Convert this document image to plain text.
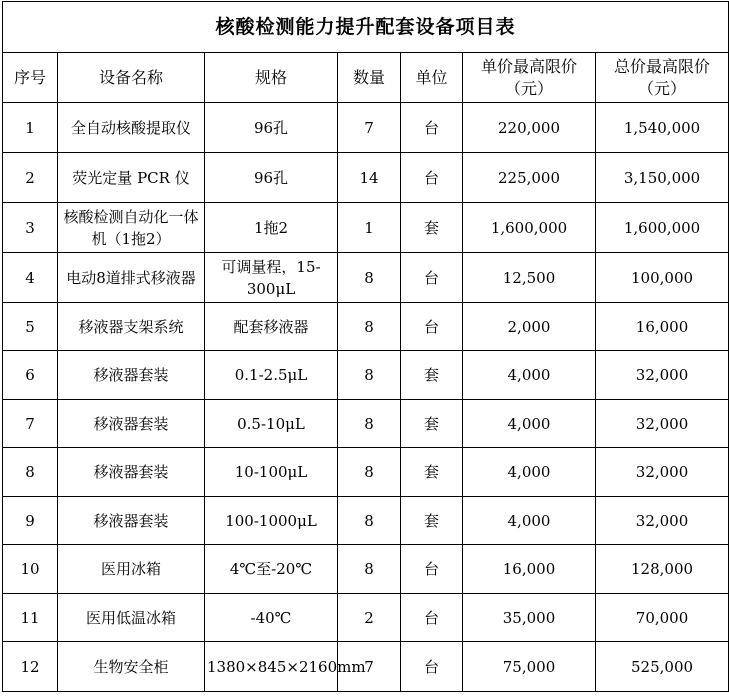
核酸检测能力提升配套设备项目表						
序号	设备名称	规格	数量	单位	单价最高限价（元）	总价最高限价（元）
1	全自动核酸提取仪	96孔	7	台	220,000	1,540,000
2	荧光定量 PCR 仪	96孔	14	台	225,000	3,150,000
3	核酸检测自动化一体机（1拖2）	1拖2	1	套	1,600,000	1,600,000
4	电动8道排式移液器	可调量程，15-300μL	8	台	12,500	100,000
5	移液器支架系统	配套移液器	8	台	2,000	16,000
6	移液器套装	0.1-2.5μL	8	套	4,000	32,000
7	移液器套装	0.5-10μL	8	套	4,000	32,000
8	移液器套装	10-100μL	8	套	4,000	32,000
9	移液器套装	100-1000μL	8	套	4,000	32,000
10	医用冰箱	4℃至-20℃	8	台	16,000	128,000
11	医用低温冰箱	-40℃	2	台	35,000	70,000
12	生物安全柜	1380×845×2160mm	7	台	75,000	525,000
